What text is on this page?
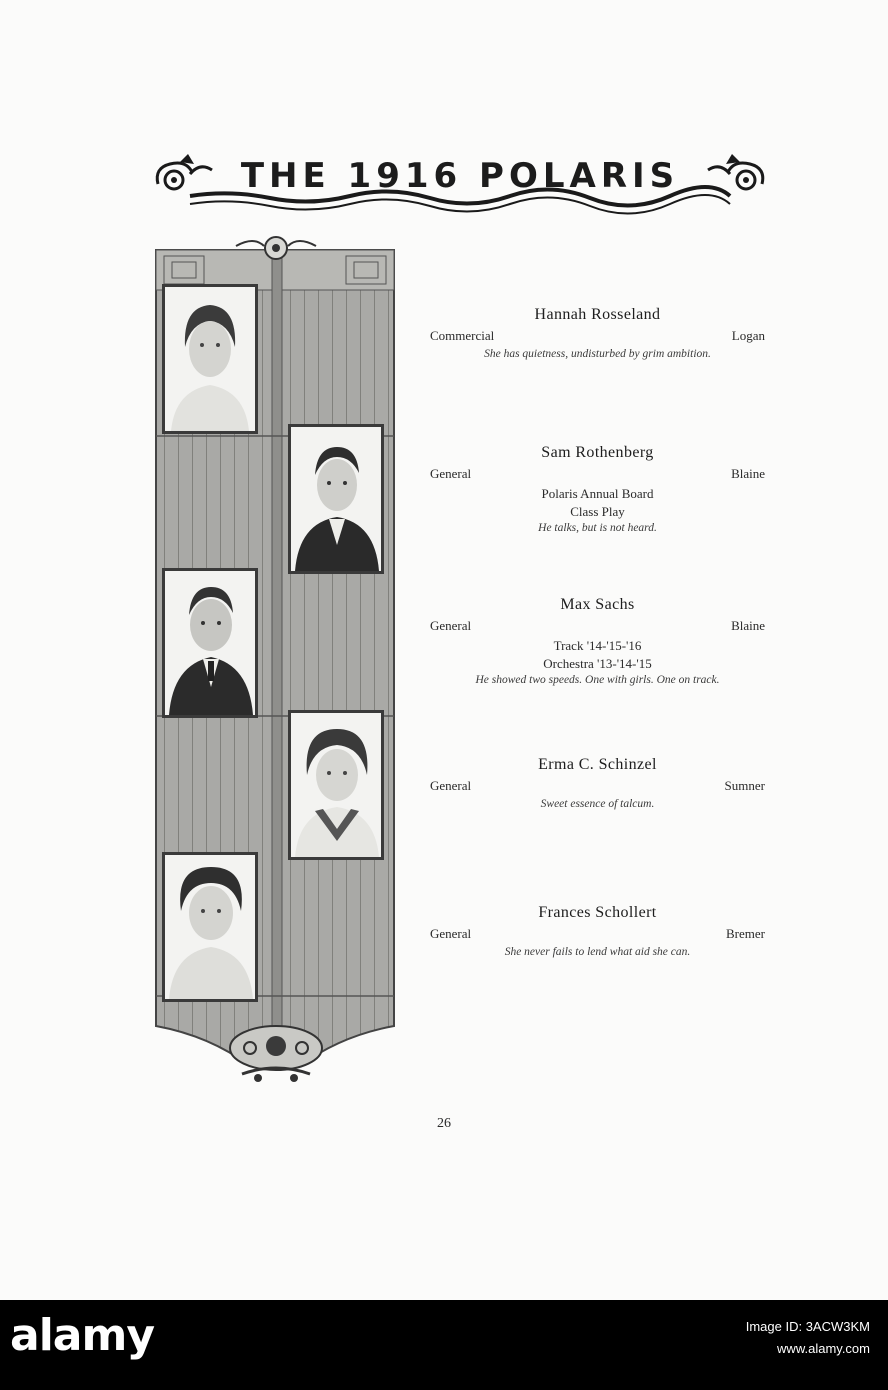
THE 1916 POLARIS
Hannah Rosseland
Commercial	Logan
She has quietness, undisturbed by grim ambition.
Sam Rothenberg
General	Blaine
Polaris Annual Board
Class Play
He talks, but is not heard.
Max Sachs
General	Blaine
Track '14-'15-'16
Orchestra '13-'14-'15
He showed two speeds. One with girls. One on track.
Erma C. Schinzel
General	Sumner
Sweet essence of talcum.
Frances Schollert
General	Bremer
She never fails to lend what aid she can.
26
alamy	Image ID: 3ACW3KM
www.alamy.com
